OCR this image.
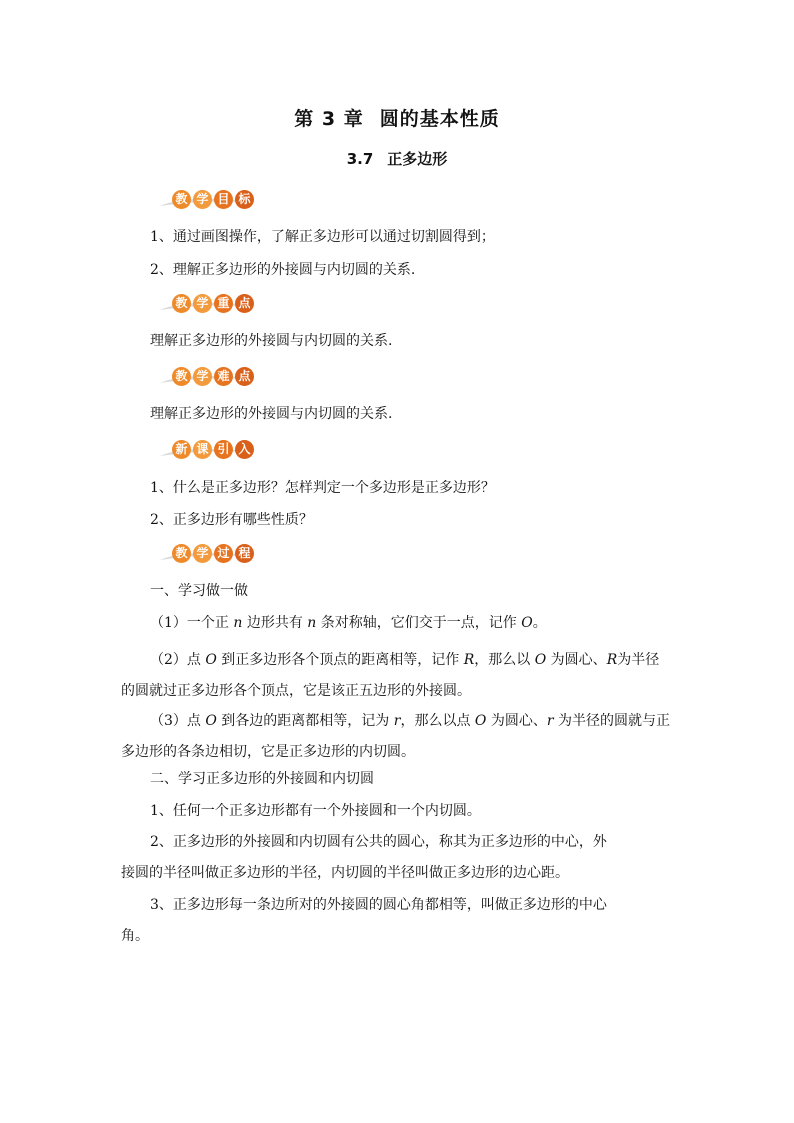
第 3 章 圆的基本性质
3.7 正多边形
教 学 目 标
1、通过画图操作，了解正多边形可以通过切割圆得到；
2、理解正多边形的外接圆与内切圆的关系.
教 学 重 点
理解正多边形的外接圆与内切圆的关系.
教 学 难 点
理解正多边形的外接圆与内切圆的关系.
新 课 引 入
1、什么是正多边形？怎样判定一个多边形是正多边形？
2、正多边形有哪些性质？
教 学 过 程
一、学习做一做
（1）一个正 n 边形共有 n 条对称轴，它们交于一点，记作 O。
（2）点 O 到正多边形各个顶点的距离相等，记作 R，那么以 O 为圆心、R为半径的圆就过正多边形各个顶点，它是该正五边形的外接圆。
（3）点 O 到各边的距离都相等，记为 r，那么以点 O 为圆心、r 为半径的圆就与正多边形的各条边相切，它是正多边形的内切圆。
二、学习正多边形的外接圆和内切圆
1、任何一个正多边形都有一个外接圆和一个内切圆。
2、正多边形的外接圆和内切圆有公共的圆心，称其为正多边形的中心，外
接圆的半径叫做正多边形的半径，内切圆的半径叫做正多边形的边心距。
3、正多边形每一条边所对的外接圆的圆心角都相等，叫做正多边形的中心
角。
